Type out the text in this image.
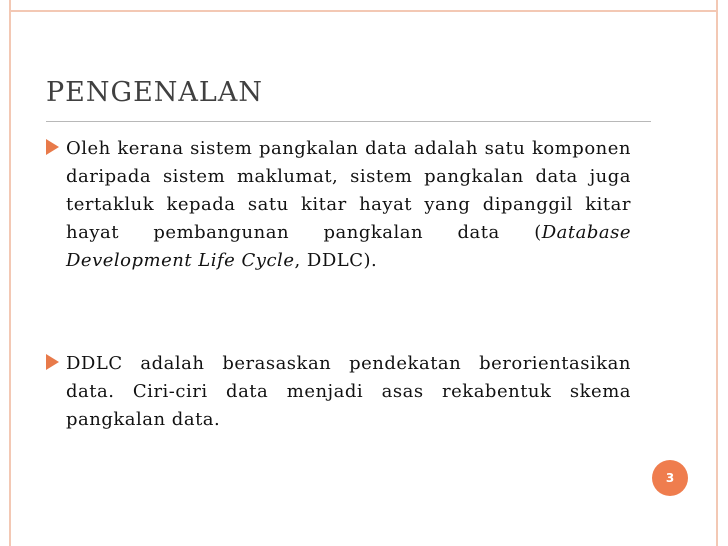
PENGENALAN

Oleh kerana sistem pangkalan data adalah satu komponen daripada sistem maklumat, sistem pangkalan data juga tertakluk kepada satu kitar hayat yang dipanggil kitar hayat pembangunan pangkalan data (Database Development Life Cycle, DDLC).

DDLC adalah berasaskan pendekatan berorientasikan data. Ciri-ciri data menjadi asas rekabentuk skema pangkalan data.

3
